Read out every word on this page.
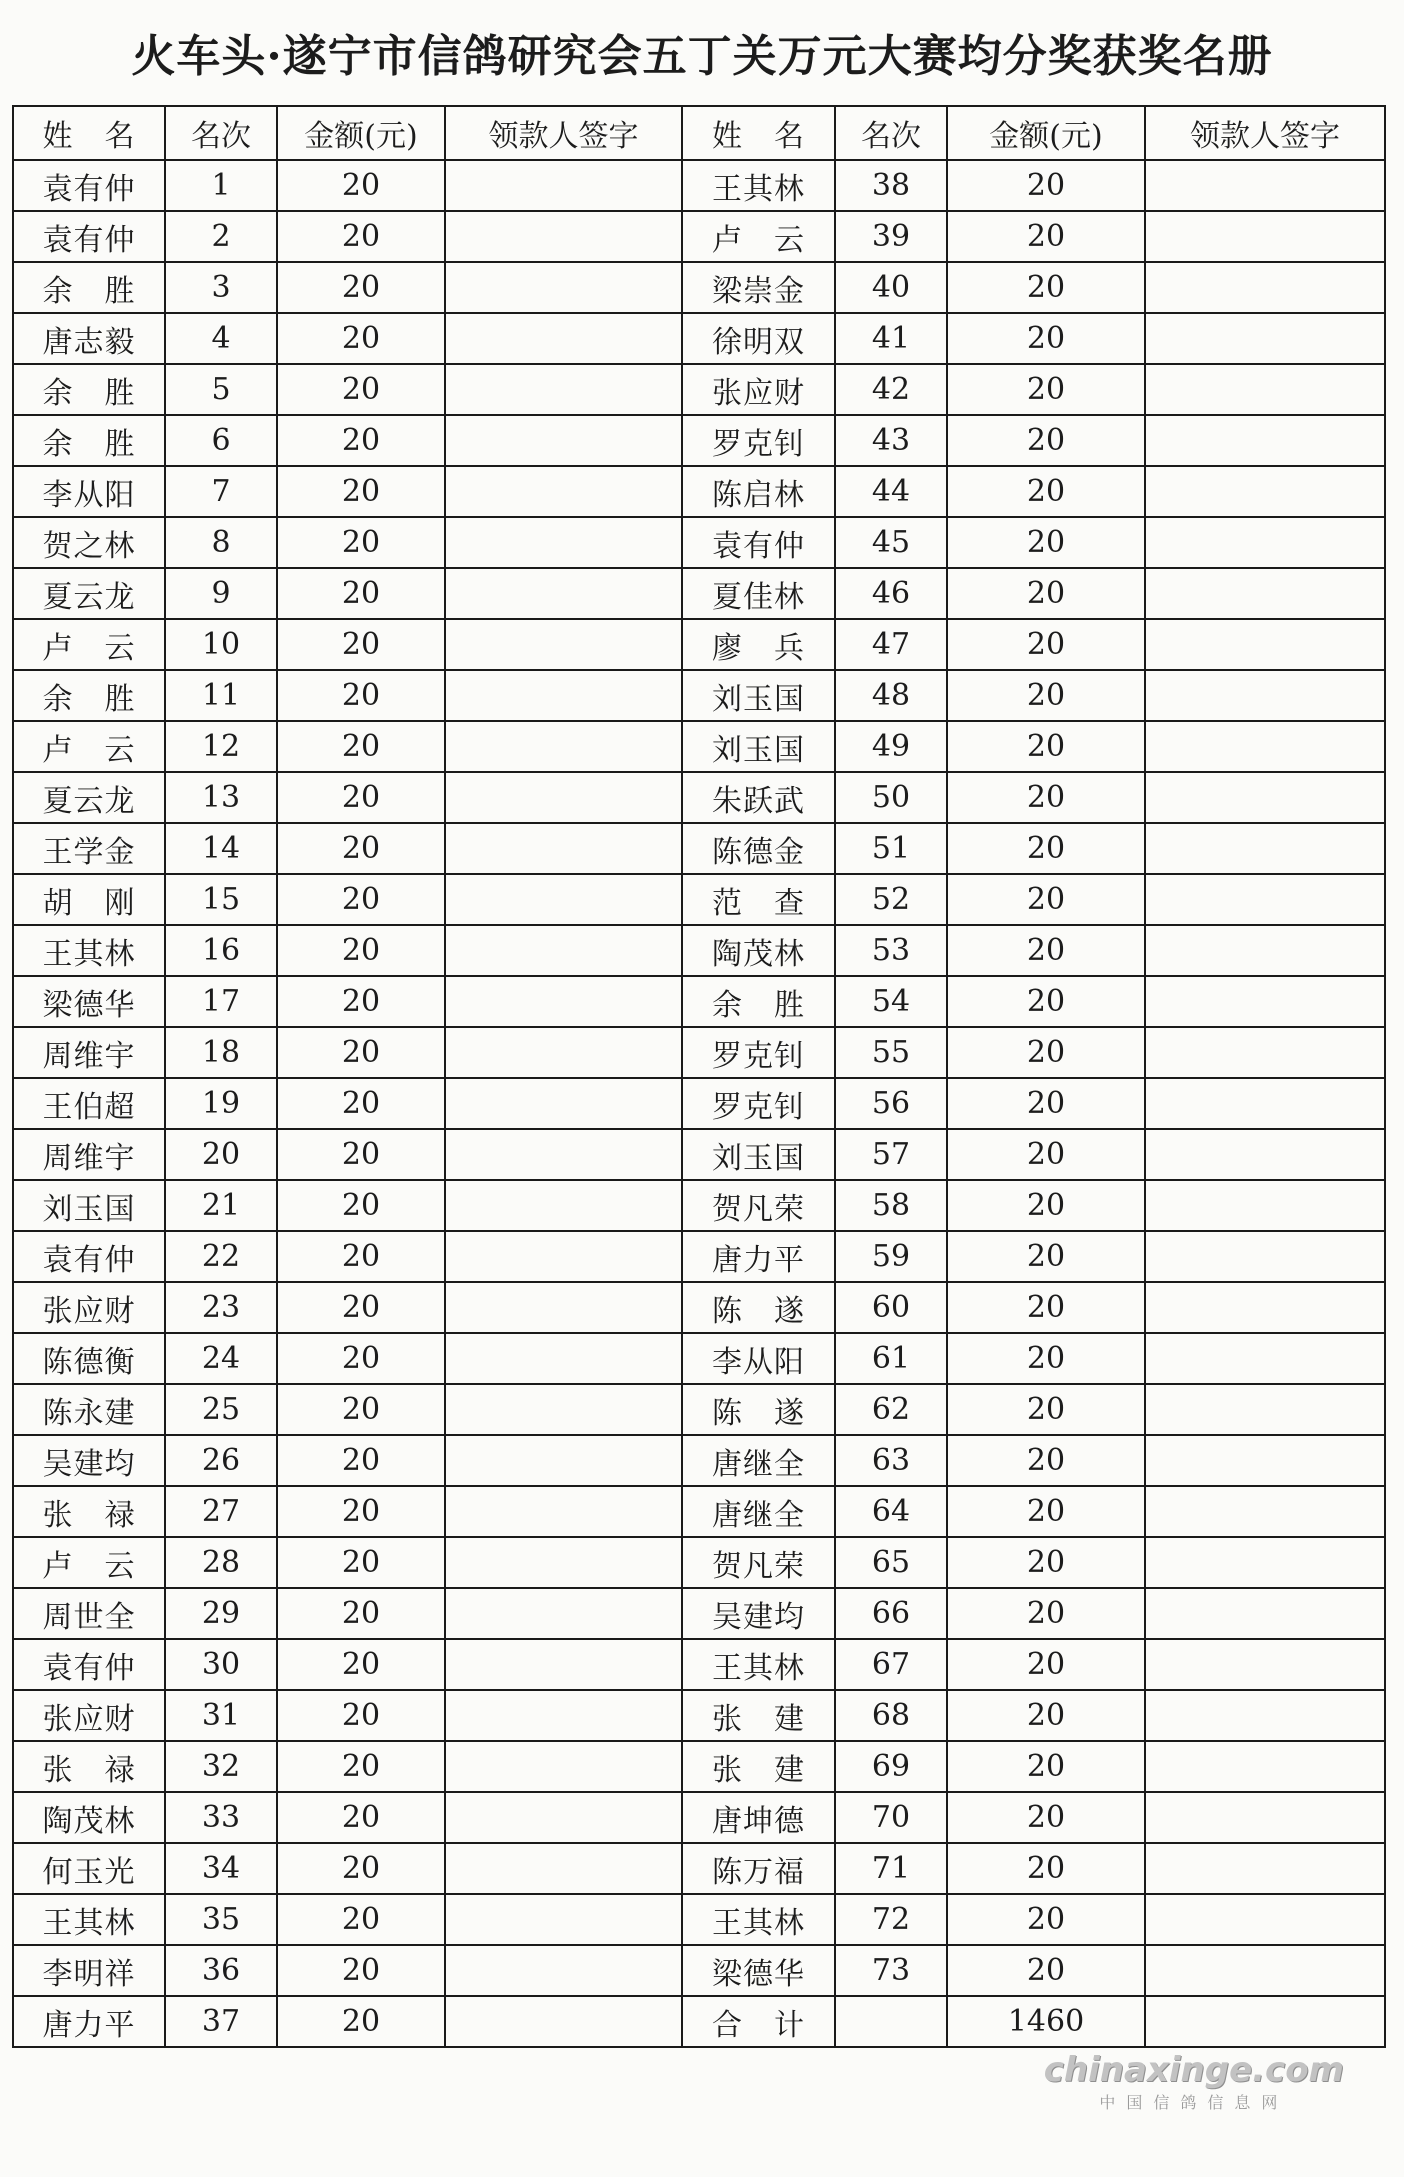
火车头·遂宁市信鸽研究会五丁关万元大赛均分奖获奖名册
姓　名	名次	金额(元)	领款人签字	姓　名	名次	金额(元)	领款人签字
袁有仲	1	20		王其林	38	20	
袁有仲	2	20		卢　云	39	20	
余　胜	3	20		梁崇金	40	20	
唐志毅	4	20		徐明双	41	20	
余　胜	5	20		张应财	42	20	
余　胜	6	20		罗克钊	43	20	
李从阳	7	20		陈启林	44	20	
贺之林	8	20		袁有仲	45	20	
夏云龙	9	20		夏佳林	46	20	
卢　云	10	20		廖　兵	47	20	
余　胜	11	20		刘玉国	48	20	
卢　云	12	20		刘玉国	49	20	
夏云龙	13	20		朱跃武	50	20	
王学金	14	20		陈德金	51	20	
胡　刚	15	20		范　查	52	20	
王其林	16	20		陶茂林	53	20	
梁德华	17	20		余　胜	54	20	
周维宇	18	20		罗克钊	55	20	
王伯超	19	20		罗克钊	56	20	
周维宇	20	20		刘玉国	57	20	
刘玉国	21	20		贺凡荣	58	20	
袁有仲	22	20		唐力平	59	20	
张应财	23	20		陈　遂	60	20	
陈德衡	24	20		李从阳	61	20	
陈永建	25	20		陈　遂	62	20	
吴建均	26	20		唐继全	63	20	
张　禄	27	20		唐继全	64	20	
卢　云	28	20		贺凡荣	65	20	
周世全	29	20		吴建均	66	20	
袁有仲	30	20		王其林	67	20	
张应财	31	20		张　建	68	20	
张　禄	32	20		张　建	69	20	
陶茂林	33	20		唐坤德	70	20	
何玉光	34	20		陈万福	71	20	
王其林	35	20		王其林	72	20	
李明祥	36	20		梁德华	73	20	
唐力平	37	20		合　计		1460	
chinaxinge.com
中国信鸽信息网
